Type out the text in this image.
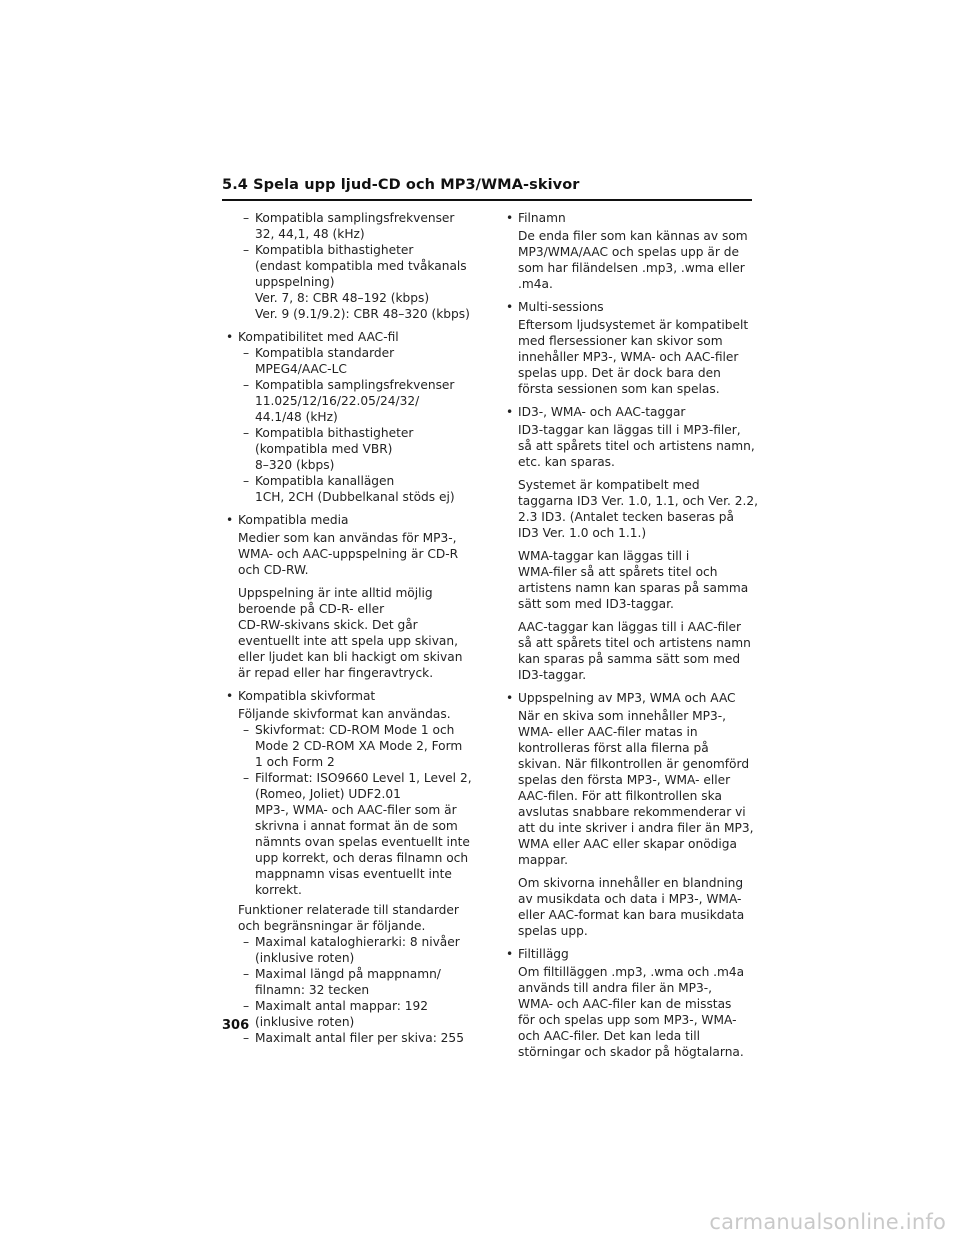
5.4 Spela upp ljud-CD och MP3/WMA-skivor
– Kompatibla samplingsfrekvenser
32, 44,1, 48 (kHz)
– Kompatibla bithastigheter
(endast kompatibla med tvåkanals
uppspelning)
Ver. 7, 8: CBR 48–192 (kbps)
Ver. 9 (9.1/9.2): CBR 48–320 (kbps)
• Kompatibilitet med AAC-fil
– Kompatibla standarder
MPEG4/AAC-LC
– Kompatibla samplingsfrekvenser
11.025/12/16/22.05/24/32/
44.1/48 (kHz)
– Kompatibla bithastigheter
(kompatibla med VBR)
8–320 (kbps)
– Kompatibla kanallägen
1CH, 2CH (Dubbelkanal stöds ej)
• Kompatibla media
Medier som kan användas för MP3-,
WMA- och AAC-uppspelning är CD-R
och CD-RW.
Uppspelning är inte alltid möjlig
beroende på CD-R- eller
CD-RW-skivans skick. Det går
eventuellt inte att spela upp skivan,
eller ljudet kan bli hackigt om skivan
är repad eller har fingeravtryck.
• Kompatibla skivformat
Följande skivformat kan användas.
– Skivformat: CD-ROM Mode 1 och
Mode 2 CD-ROM XA Mode 2, Form
1 och Form 2
– Filformat: ISO9660 Level 1, Level 2,
(Romeo, Joliet) UDF2.01
MP3-, WMA- och AAC-filer som är
skrivna i annat format än de som
nämnts ovan spelas eventuellt inte
upp korrekt, och deras filnamn och
mappnamn visas eventuellt inte
korrekt.
Funktioner relaterade till standarder
och begränsningar är följande.
– Maximal kataloghierarki: 8 nivåer
(inklusive roten)
– Maximal längd på mappnamn/
filnamn: 32 tecken
– Maximalt antal mappar: 192
(inklusive roten)
– Maximalt antal filer per skiva: 255
• Filnamn
De enda filer som kan kännas av som
MP3/WMA/AAC och spelas upp är de
som har filändelsen .mp3, .wma eller
.m4a.
• Multi-sessions
Eftersom ljudsystemet är kompatibelt
med flersessioner kan skivor som
innehåller MP3-, WMA- och AAC-filer
spelas upp. Det är dock bara den
första sessionen som kan spelas.
• ID3-, WMA- och AAC-taggar
ID3-taggar kan läggas till i MP3-filer,
så att spårets titel och artistens namn,
etc. kan sparas.
Systemet är kompatibelt med
taggarna ID3 Ver. 1.0, 1.1, och Ver. 2.2,
2.3 ID3. (Antalet tecken baseras på
ID3 Ver. 1.0 och 1.1.)
WMA-taggar kan läggas till i
WMA-filer så att spårets titel och
artistens namn kan sparas på samma
sätt som med ID3-taggar.
AAC-taggar kan läggas till i AAC-filer
så att spårets titel och artistens namn
kan sparas på samma sätt som med
ID3-taggar.
• Uppspelning av MP3, WMA och AAC
När en skiva som innehåller MP3-,
WMA- eller AAC-filer matas in
kontrolleras först alla filerna på
skivan. När filkontrollen är genomförd
spelas den första MP3-, WMA- eller
AAC-filen. För att filkontrollen ska
avslutas snabbare rekommenderar vi
att du inte skriver i andra filer än MP3,
WMA eller AAC eller skapar onödiga
mappar.
Om skivorna innehåller en blandning
av musikdata och data i MP3-, WMA-
eller AAC-format kan bara musikdata
spelas upp.
• Filtillägg
Om filtilläggen .mp3, .wma och .m4a
används till andra filer än MP3-,
WMA- och AAC-filer kan de misstas
för och spelas upp som MP3-, WMA-
och AAC-filer. Det kan leda till
störningar och skador på högtalarna.
306
carmanualsonline.info
